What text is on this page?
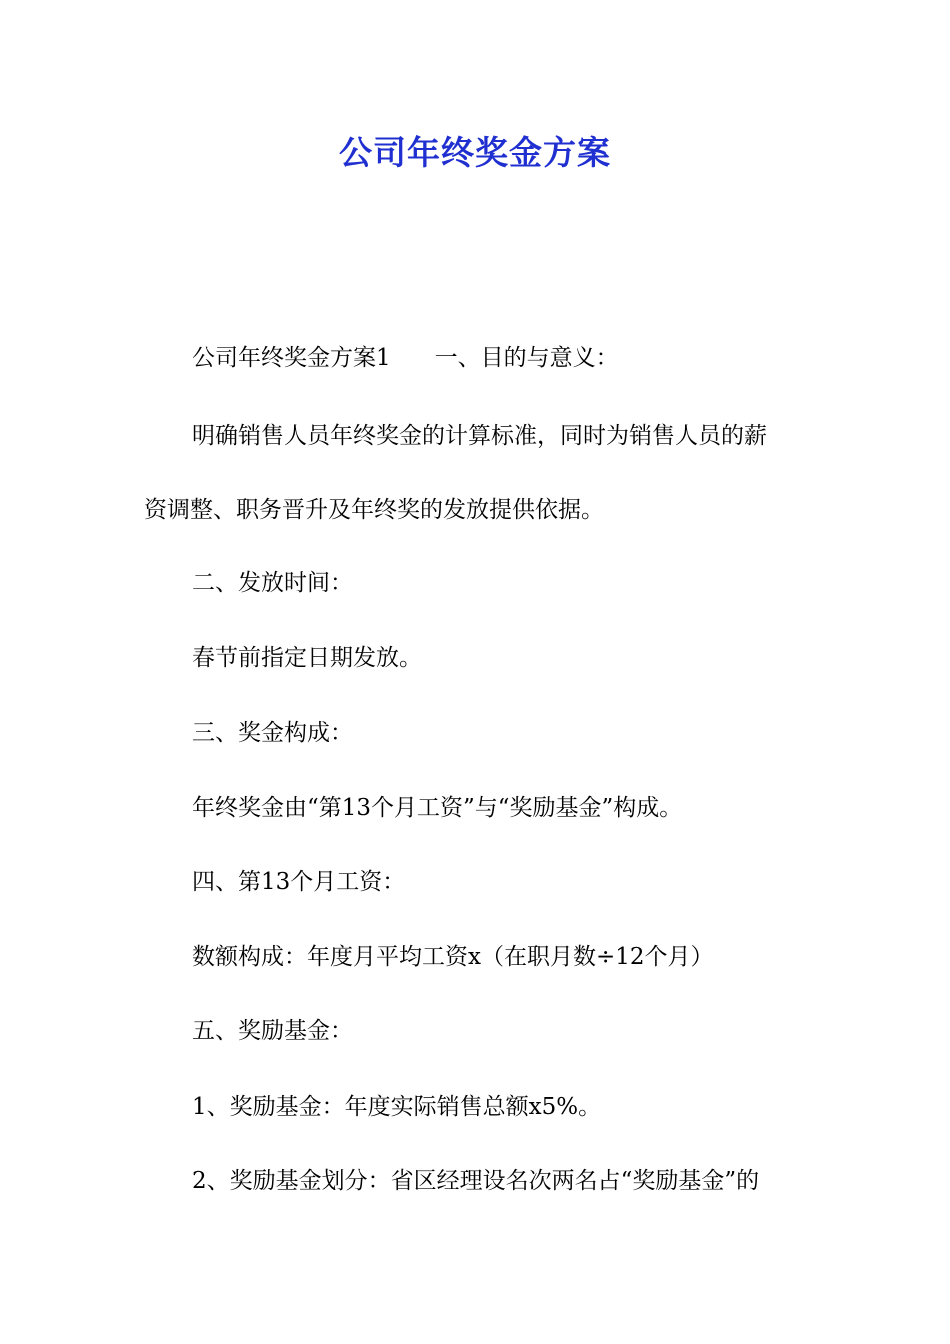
公司年终奖金方案
公司年终奖金方案1 一、目的与意义：
明确销售人员年终奖金的计算标准，同时为销售人员的薪
资调整、职务晋升及年终奖的发放提供依据。
二、发放时间：
春节前指定日期发放。
三、奖金构成：
年终奖金由“第13个月工资”与“奖励基金”构成。
四、第13个月工资：
数额构成：年度月平均工资x（在职月数÷12个月）
五、奖励基金：
1、奖励基金：年度实际销售总额x5%。
2、奖励基金划分：省区经理设名次两名占“奖励基金”的
